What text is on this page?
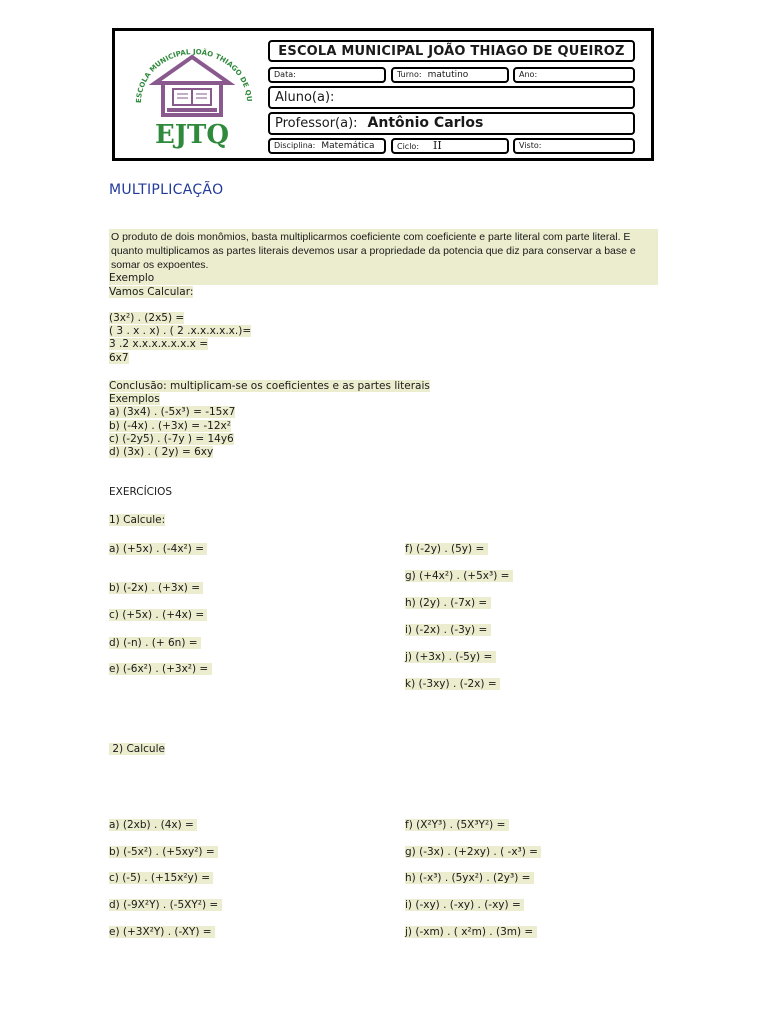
ESCOLA MUNICIPAL JOÃO THIAGO DE QU
EJTQ
ESCOLA MUNICIPAL JOÃO THIAGO DE QUEIROZ
Data:	Turno: matutino	Ano:
Aluno(a):
Professor(a): Antônio Carlos
Disciplina: Matemática	Ciclo: II	Visto:
MULTIPLICAÇÃO
O produto de dois monômios, basta multiplicarmos coeficiente com coeficiente e parte literal com parte literal. E quanto multiplicamos as partes literais devemos usar a propriedade da potencia que diz para conservar a base e somar os expoentes.
Exemplo
Vamos Calcular:
(3x²) . (2x5) =
( 3 . x . x) . ( 2 .x.x.x.x.x.)=
3 .2 x.x.x.x.x.x.x =
6x7
Conclusão: multiplicam-se os coeficientes e as partes literais
Exemplos
a) (3x4) . (-5x³) = -15x7
b) (-4x) . (+3x) = -12x²
c) (-2y5) . (-7y ) = 14y6
d) (3x) . ( 2y) = 6xy
EXERCÍCIOS
1) Calcule:
a) (+5x) . (-4x²) =
b) (-2x) . (+3x) =
c) (+5x) . (+4x) =
d) (-n) . (+ 6n) =
e) (-6x²) . (+3x²) =
f) (-2y) . (5y) =
g) (+4x²) . (+5x³) =
h) (2y) . (-7x) =
i) (-2x) . (-3y) =
j) (+3x) . (-5y) =
k) (-3xy) . (-2x) =
2) Calcule
a) (2xb) . (4x) =
b) (-5x²) . (+5xy²) =
c) (-5) . (+15x²y) =
d) (-9X²Y) . (-5XY²) =
e) (+3X²Y) . (-XY) =
f) (X²Y³) . (5X³Y²) =
g) (-3x) . (+2xy) . ( -x³) =
h) (-x³) . (5yx²) . (2y³) =
i) (-xy) . (-xy) . (-xy) =
j) (-xm) . ( x²m) . (3m) =
